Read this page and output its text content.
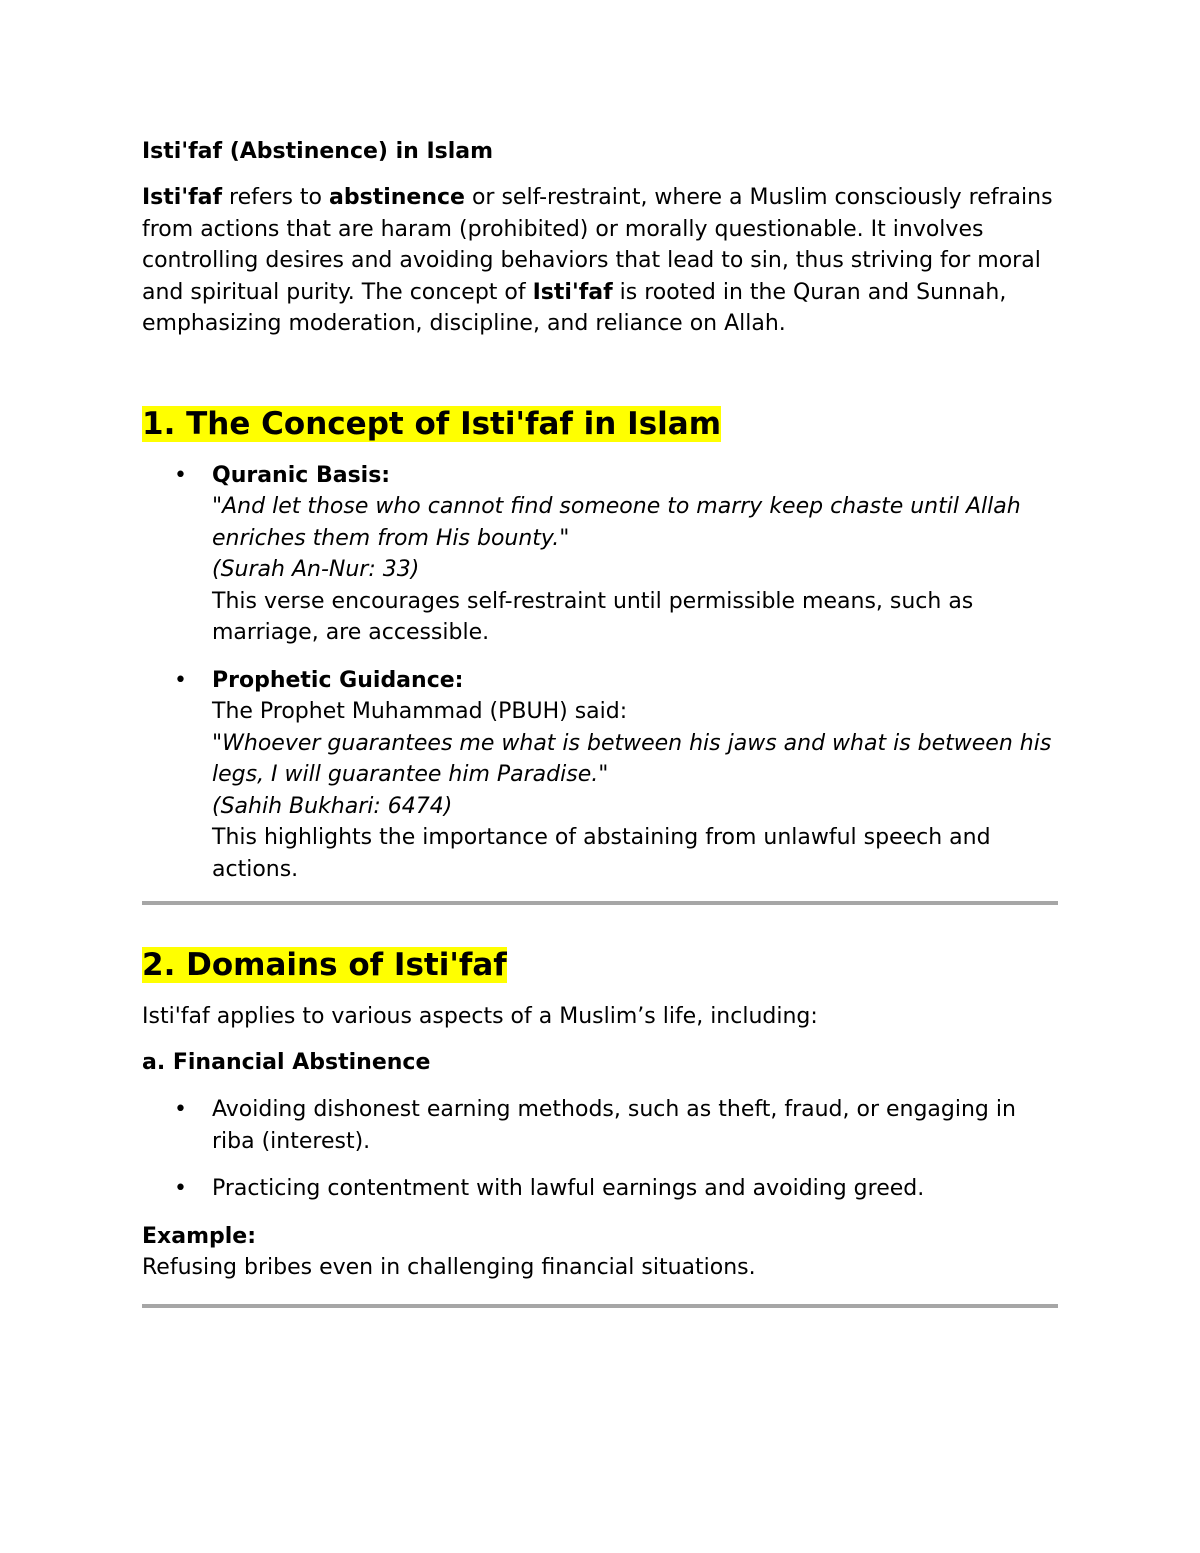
Isti'faf (Abstinence) in Islam

Isti'faf refers to abstinence or self-restraint, where a Muslim consciously refrains from actions that are haram (prohibited) or morally questionable. It involves controlling desires and avoiding behaviors that lead to sin, thus striving for moral and spiritual purity. The concept of Isti'faf is rooted in the Quran and Sunnah, emphasizing moderation, discipline, and reliance on Allah.

1. The Concept of Isti'faf in Islam
• Quranic Basis:
"And let those who cannot find someone to marry keep chaste until Allah enriches them from His bounty."
(Surah An-Nur: 33)
This verse encourages self-restraint until permissible means, such as marriage, are accessible.
• Prophetic Guidance:
The Prophet Muhammad (PBUH) said:
"Whoever guarantees me what is between his jaws and what is between his legs, I will guarantee him Paradise."
(Sahih Bukhari: 6474)
This highlights the importance of abstaining from unlawful speech and actions.
2. Domains of Isti'faf

Isti'faf applies to various aspects of a Muslim’s life, including:

a. Financial Abstinence

• Avoiding dishonest earning methods, such as theft, fraud, or engaging in riba (interest).
• Practicing contentment with lawful earnings and avoiding greed.

Example:

Refusing bribes even in challenging financial situations.
